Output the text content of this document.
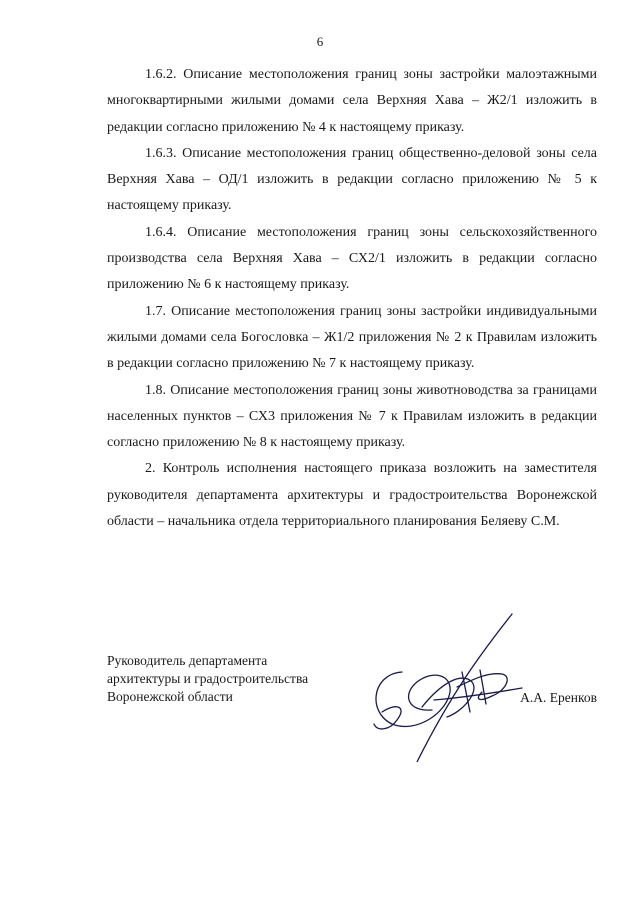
6

1.6.2. Описание местоположения границ зоны застройки малоэтажными многоквартирными жилыми домами села Верхняя Хава – Ж2/1 изложить в редакции согласно приложению № 4 к настоящему приказу.

1.6.3. Описание местоположения границ общественно-деловой зоны села Верхняя Хава – ОД/1 изложить в редакции согласно приложению № 5 к настоящему приказу.

1.6.4. Описание местоположения границ зоны сельскохозяйственного производства села Верхняя Хава – СХ2/1 изложить в редакции согласно приложению № 6 к настоящему приказу.

1.7. Описание местоположения границ зоны застройки индивидуальными жилыми домами села Богословка – Ж1/2 приложения № 2 к Правилам изложить в редакции согласно приложению № 7 к настоящему приказу.

1.8. Описание местоположения границ зоны животноводства за границами населенных пунктов – СХ3 приложения № 7 к Правилам изложить в редакции согласно приложению № 8 к настоящему приказу.

2. Контроль исполнения настоящего приказа возложить на заместителя руководителя департамента архитектуры и градостроительства Воронежской области – начальника отдела территориального планирования Беляеву С.М.

Руководитель департамента
архитектуры и градостроительства
Воронежской области	А.А. Еренков
